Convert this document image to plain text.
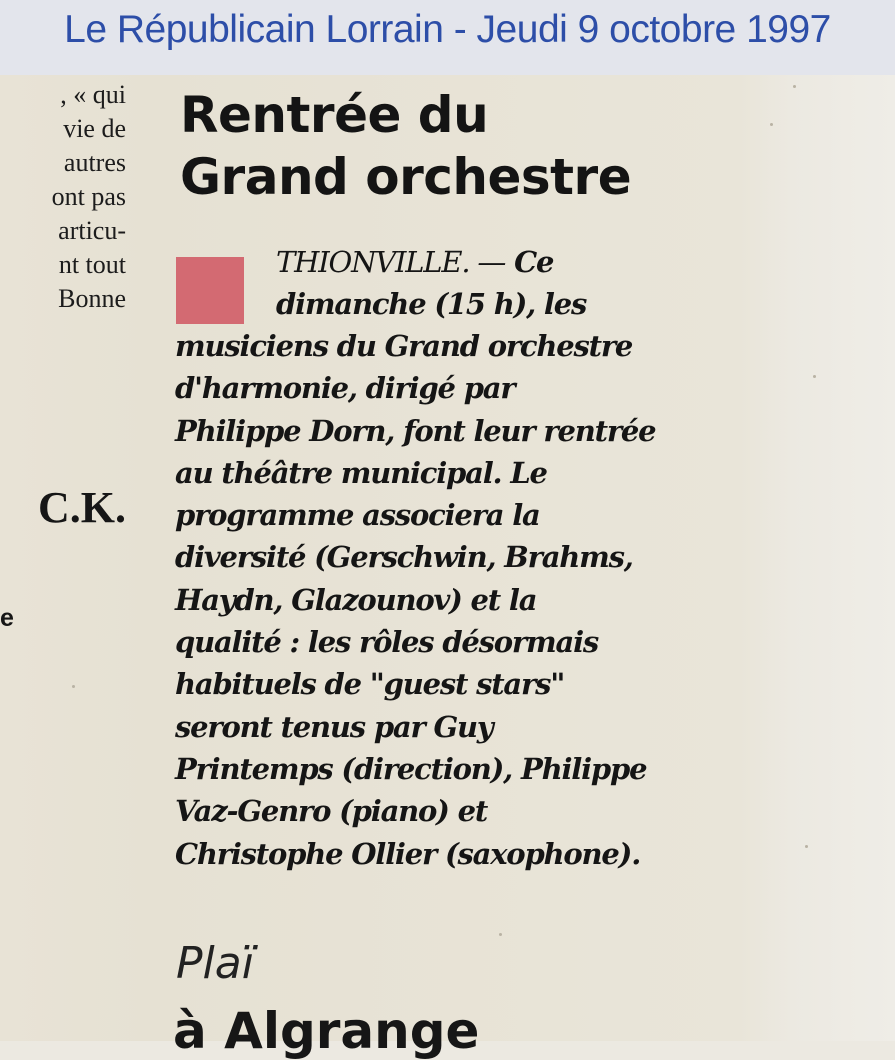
Le Républicain Lorrain - Jeudi 9 octobre 1997
, « qui
vie de
autres
ont pas
articu-
nt tout
Bonne
C.K.
e
Rentrée du
Grand orchestre
THIONVILLE. — Ce
dimanche (15 h), les
musiciens du Grand orchestre
d'harmonie, dirigé par
Philippe Dorn, font leur rentrée
au théâtre municipal. Le
programme associera la
diversité (Gerschwin, Brahms,
Haydn, Glazounov) et la
qualité : les rôles désormais
habituels de "guest stars"
seront tenus par Guy
Printemps (direction), Philippe
Vaz-Genro (piano) et
Christophe Ollier (saxophone).
Plaï
à Algrange
